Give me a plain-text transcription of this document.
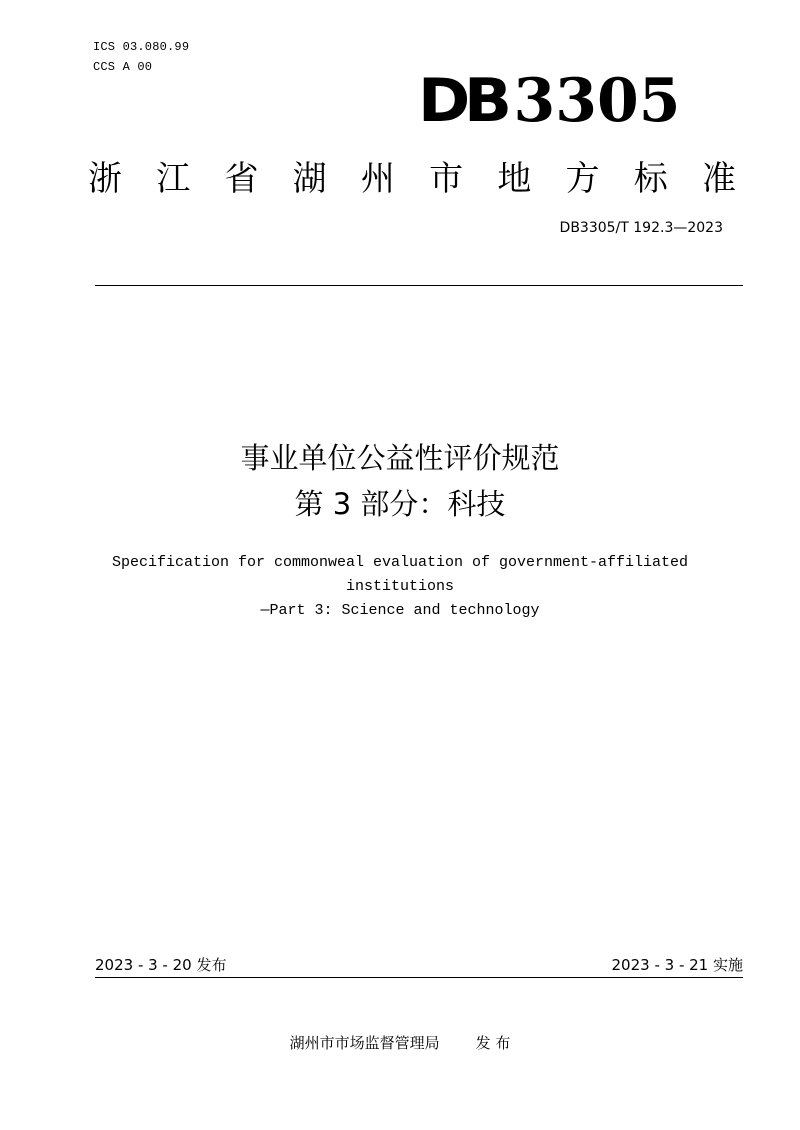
ICS 03.080.99
CCS A 00	DB 3305
浙 江 省 湖 州 市 地 方 标 准
DB3305/T 192.3—2023
事业单位公益性评价规范
第 3 部分：科技
Specification for commonweal evaluation of government-affiliated
institutions
—Part 3: Science and technology
2023 - 3 - 20 发布	2023 - 3 - 21 实施
湖州市市场监督管理局 发 布
